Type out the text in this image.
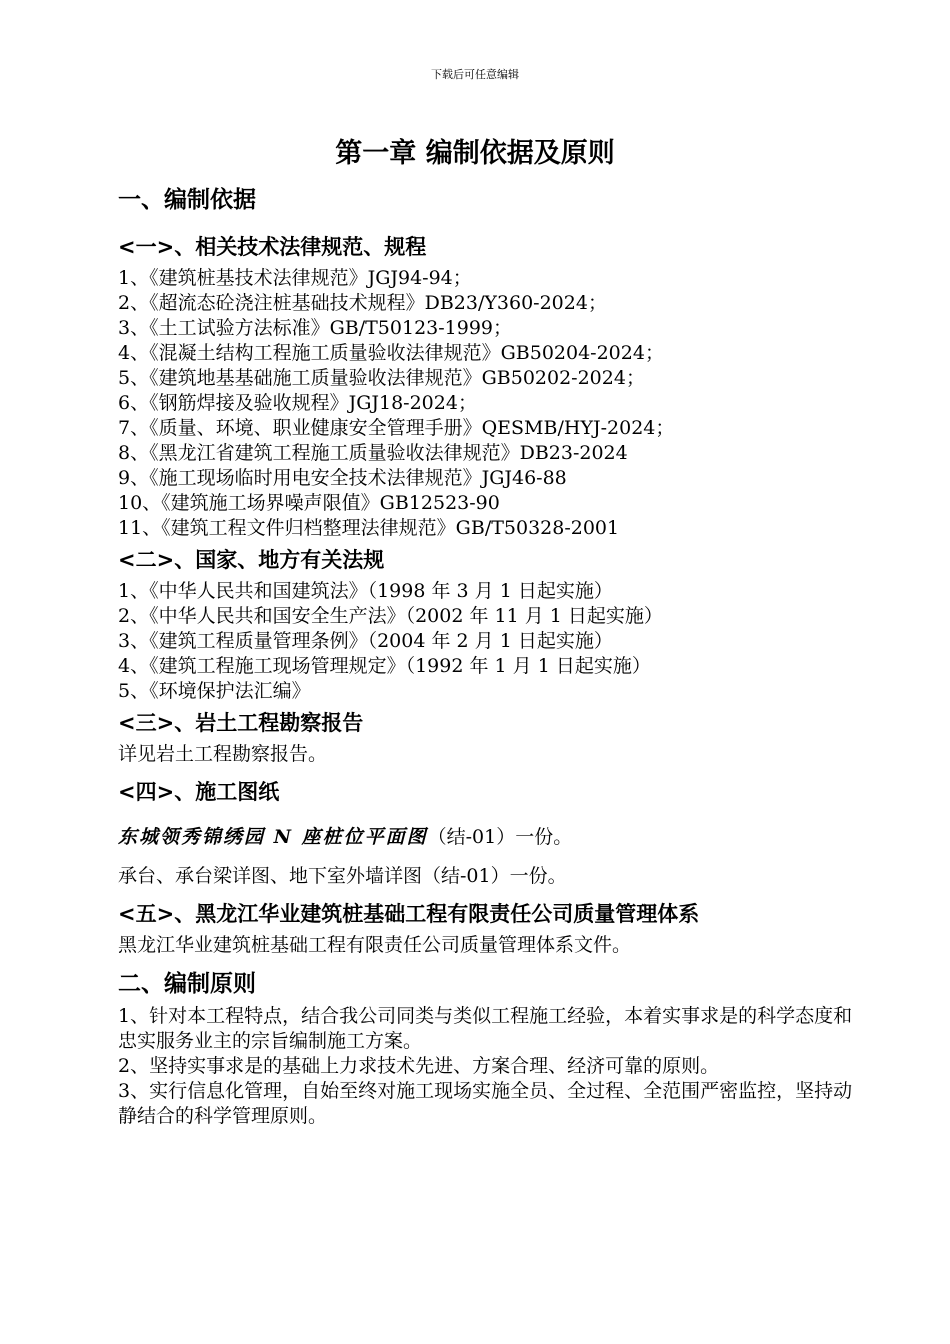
下载后可任意编辑
第一章 编制依据及原则
一、编制依据
<一>、相关技术法律规范、规程
1、《建筑桩基技术法律规范》JGJ94-94；
2、《超流态砼浇注桩基础技术规程》DB23/Y360-2024；
3、《土工试验方法标准》GB/T50123-1999；
4、《混凝土结构工程施工质量验收法律规范》GB50204-2024；
5、《建筑地基基础施工质量验收法律规范》GB50202-2024；
6、《钢筋焊接及验收规程》JGJ18-2024；
7、《质量、环境、职业健康安全管理手册》QESMB/HYJ-2024；
8、《黑龙江省建筑工程施工质量验收法律规范》DB23-2024
9、《施工现场临时用电安全技术法律规范》JGJ46-88
10、《建筑施工场界噪声限值》GB12523-90
11、《建筑工程文件归档整理法律规范》GB/T50328-2001
<二>、国家、地方有关法规
1、《中华人民共和国建筑法》（1998 年 3 月 1 日起实施）
2、《中华人民共和国安全生产法》（2002 年 11 月 1 日起实施）
3、《建筑工程质量管理条例》（2004 年 2 月 1 日起实施）
4、《建筑工程施工现场管理规定》（1992 年 1 月 1 日起实施）
5、《环境保护法汇编》
<三>、岩土工程勘察报告

详见岩土工程勘察报告。

<四>、施工图纸

东城领秀锦绣园 N 座桩位平面图（结-01）一份。

承台、承台梁详图、地下室外墙详图（结-01）一份。

<五>、黑龙江华业建筑桩基础工程有限责任公司质量管理体系

黑龙江华业建筑桩基础工程有限责任公司质量管理体系文件。

二、编制原则

1、针对本工程特点，结合我公司同类与类似工程施工经验，本着实事求是的科学态度和忠实服务业主的宗旨编制施工方案。

2、坚持实事求是的基础上力求技术先进、方案合理、经济可靠的原则。

3、实行信息化管理，自始至终对施工现场实施全员、全过程、全范围严密监控，坚持动静结合的科学管理原则。
